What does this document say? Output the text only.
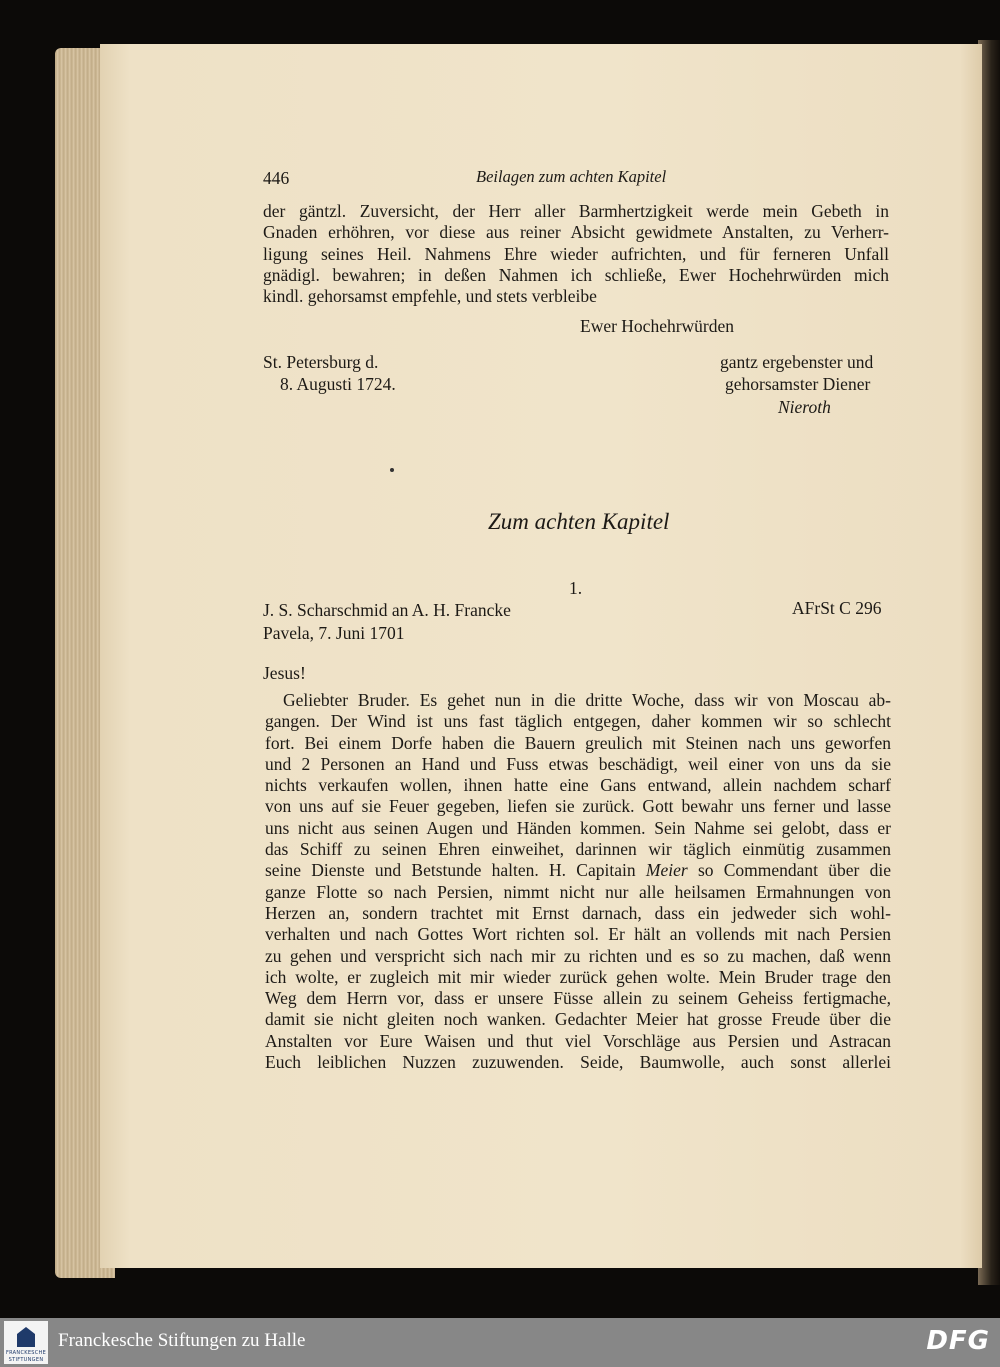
446	Beilagen zum achten Kapitel
der gäntzl. Zuversicht, der Herr aller Barmhertzigkeit werde mein Gebeth in
Gnaden erhöhren, vor diese aus reiner Absicht gewidmete Anstalten, zu Verherr-
ligung seines Heil. Nahmens Ehre wieder aufrichten, und für ferneren Unfall
gnädigl. bewahren; in deßen Nahmen ich schließe, Ewer Hochehrwürden mich
kindl. gehorsamst empfehle, und stets verbleibe
Ewer Hochehrwürden
St. Petersburg d.
8. Augusti 1724.
gantz ergebenster und
gehorsamster Diener
Nieroth
Zum achten Kapitel
1.
J. S. Scharschmid an A. H. Francke	AFrSt C 296
Pavela, 7. Juni 1701
Jesus!
Geliebter Bruder. Es gehet nun in die dritte Woche, dass wir von Moscau ab-
gangen. Der Wind ist uns fast täglich entgegen, daher kommen wir so schlecht
fort. Bei einem Dorfe haben die Bauern greulich mit Steinen nach uns geworfen
und 2 Personen an Hand und Fuss etwas beschädigt, weil einer von uns da sie
nichts verkaufen wollen, ihnen hatte eine Gans entwand, allein nachdem scharf
von uns auf sie Feuer gegeben, liefen sie zurück. Gott bewahr uns ferner und lasse
uns nicht aus seinen Augen und Händen kommen. Sein Nahme sei gelobt, dass er
das Schiff zu seinen Ehren einweihet, darinnen wir täglich einmütig zusammen
seine Dienste und Betstunde halten. H. Capitain Meier so Commendant über die
ganze Flotte so nach Persien, nimmt nicht nur alle heilsamen Ermahnungen von
Herzen an, sondern trachtet mit Ernst darnach, dass ein jedweder sich wohl-
verhalten und nach Gottes Wort richten sol. Er hält an vollends mit nach Persien
zu gehen und verspricht sich nach mir zu richten und es so zu machen, daß wenn
ich wolte, er zugleich mit mir wieder zurück gehen wolte. Mein Bruder trage den
Weg dem Herrn vor, dass er unsere Füsse allein zu seinem Geheiss fertigmache,
damit sie nicht gleiten noch wanken. Gedachter Meier hat grosse Freude über die
Anstalten vor Eure Waisen und thut viel Vorschläge aus Persien und Astracan
Euch leiblichen Nuzzen zuzuwenden. Seide, Baumwolle, auch sonst allerlei
FRANCKESCHE
STIFTUNGEN
Franckesche Stiftungen zu Halle	DFG
